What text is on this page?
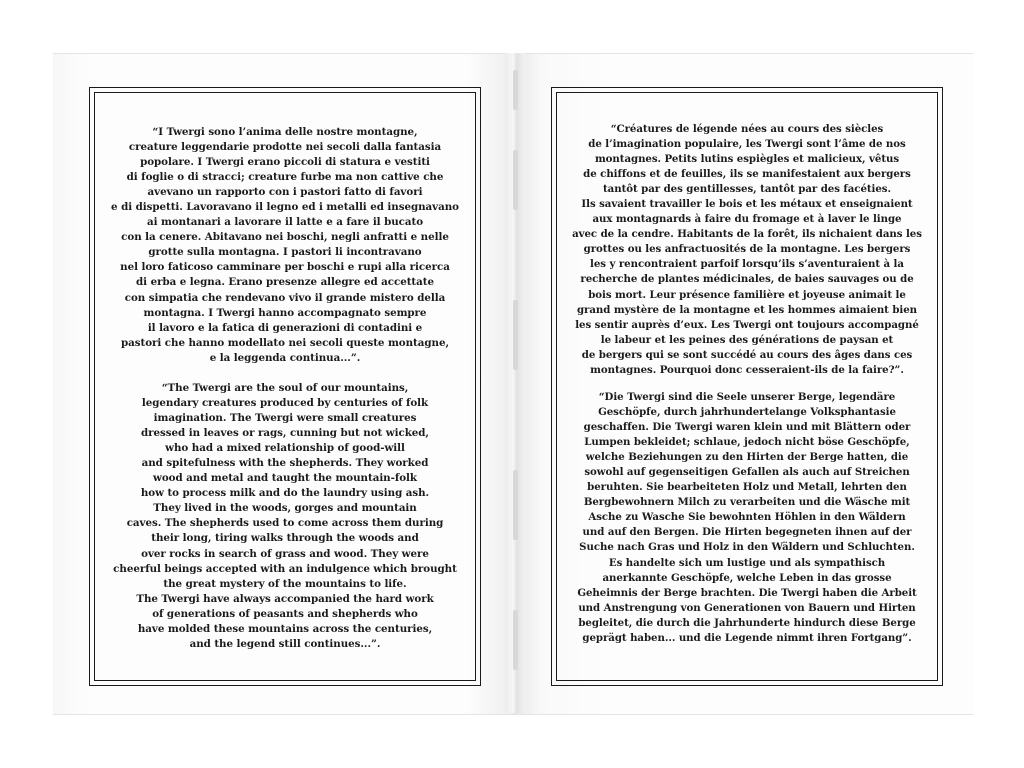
“I Twergi sono l’anima delle nostre montagne,
creature leggendarie prodotte nei secoli dalla fantasia
popolare. I Twergi erano piccoli di statura e vestiti
di foglie o di stracci; creature furbe ma non cattive che
avevano un rapporto con i pastori fatto di favori
e di dispetti. Lavoravano il legno ed i metalli ed insegnavano
ai montanari a lavorare il latte e a fare il bucato
con la cenere. Abitavano nei boschi, negli anfratti e nelle
grotte sulla montagna. I pastori li incontravano
nel loro faticoso camminare per boschi e rupi alla ricerca
di erba e legna. Erano presenze allegre ed accettate
con simpatia che rendevano vivo il grande mistero della
montagna. I Twergi hanno accompagnato sempre
il lavoro e la fatica di generazioni di contadini e
pastori che hanno modellato nei secoli queste montagne,
e la leggenda continua...”.
“The Twergi are the soul of our mountains,
legendary creatures produced by centuries of folk
imagination. The Twergi were small creatures
dressed in leaves or rags, cunning but not wicked,
who had a mixed relationship of good-will
and spitefulness with the shepherds. They worked
wood and metal and taught the mountain-folk
how to process milk and do the laundry using ash.
They lived in the woods, gorges and mountain
caves. The shepherds used to come across them during
their long, tiring walks through the woods and
over rocks in search of grass and wood. They were
cheerful beings accepted with an indulgence which brought
the great mystery of the mountains to life.
The Twergi have always accompanied the hard work
of generations of peasants and shepherds who
have molded these mountains across the centuries,
and the legend still continues...”.
“Créatures de légende nées au cours des siècles
de l’imagination populaire, les Twergi sont l’âme de nos
montagnes. Petits lutins espiègles et malicieux, vêtus
de chiffons et de feuilles, ils se manifestaient aux bergers
tantôt par des gentillesses, tantôt par des facéties.
Ils savaient travailler le bois et les métaux et enseignaient
aux montagnards à faire du fromage et à laver le linge
avec de la cendre. Habitants de la forêt, ils nichaient dans les
grottes ou les anfractuosités de la montagne. Les bergers
les y rencontraient parfoif lorsqu’ils s’aventuraient à la
recherche de plantes médicinales, de baies sauvages ou de
bois mort. Leur présence familière et joyeuse animait le
grand mystère de la montagne et les hommes aimaient bien
les sentir auprès d’eux. Les Twergi ont toujours accompagné
le labeur et les peines des générations de paysan et
de bergers qui se sont succédé au cours des âges dans ces
montagnes. Pourquoi donc cesseraient-ils de la faire?”.
“Die Twergi sind die Seele unserer Berge, legendäre
Geschöpfe, durch jahrhundertelange Volksphantasie
geschaffen. Die Twergi waren klein und mit Blättern oder
Lumpen bekleidet; schlaue, jedoch nicht böse Geschöpfe,
welche Beziehungen zu den Hirten der Berge hatten, die
sowohl auf gegenseitigen Gefallen als auch auf Streichen
beruhten. Sie bearbeiteten Holz und Metall, lehrten den
Bergbewohnern Milch zu verarbeiten und die Wäsche mit
Asche zu Wasche Sie bewohnten Höhlen in den Wäldern
und auf den Bergen. Die Hirten begegneten ihnen auf der
Suche nach Gras und Holz in den Wäldern und Schluchten.
Es handelte sich um lustige und als sympathisch
anerkannte Geschöpfe, welche Leben in das grosse
Geheimnis der Berge brachten. Die Twergi haben die Arbeit
und Anstrengung von Generationen von Bauern und Hirten
begleitet, die durch die Jahrhunderte hindurch diese Berge
geprägt haben... und die Legende nimmt ihren Fortgang”.
